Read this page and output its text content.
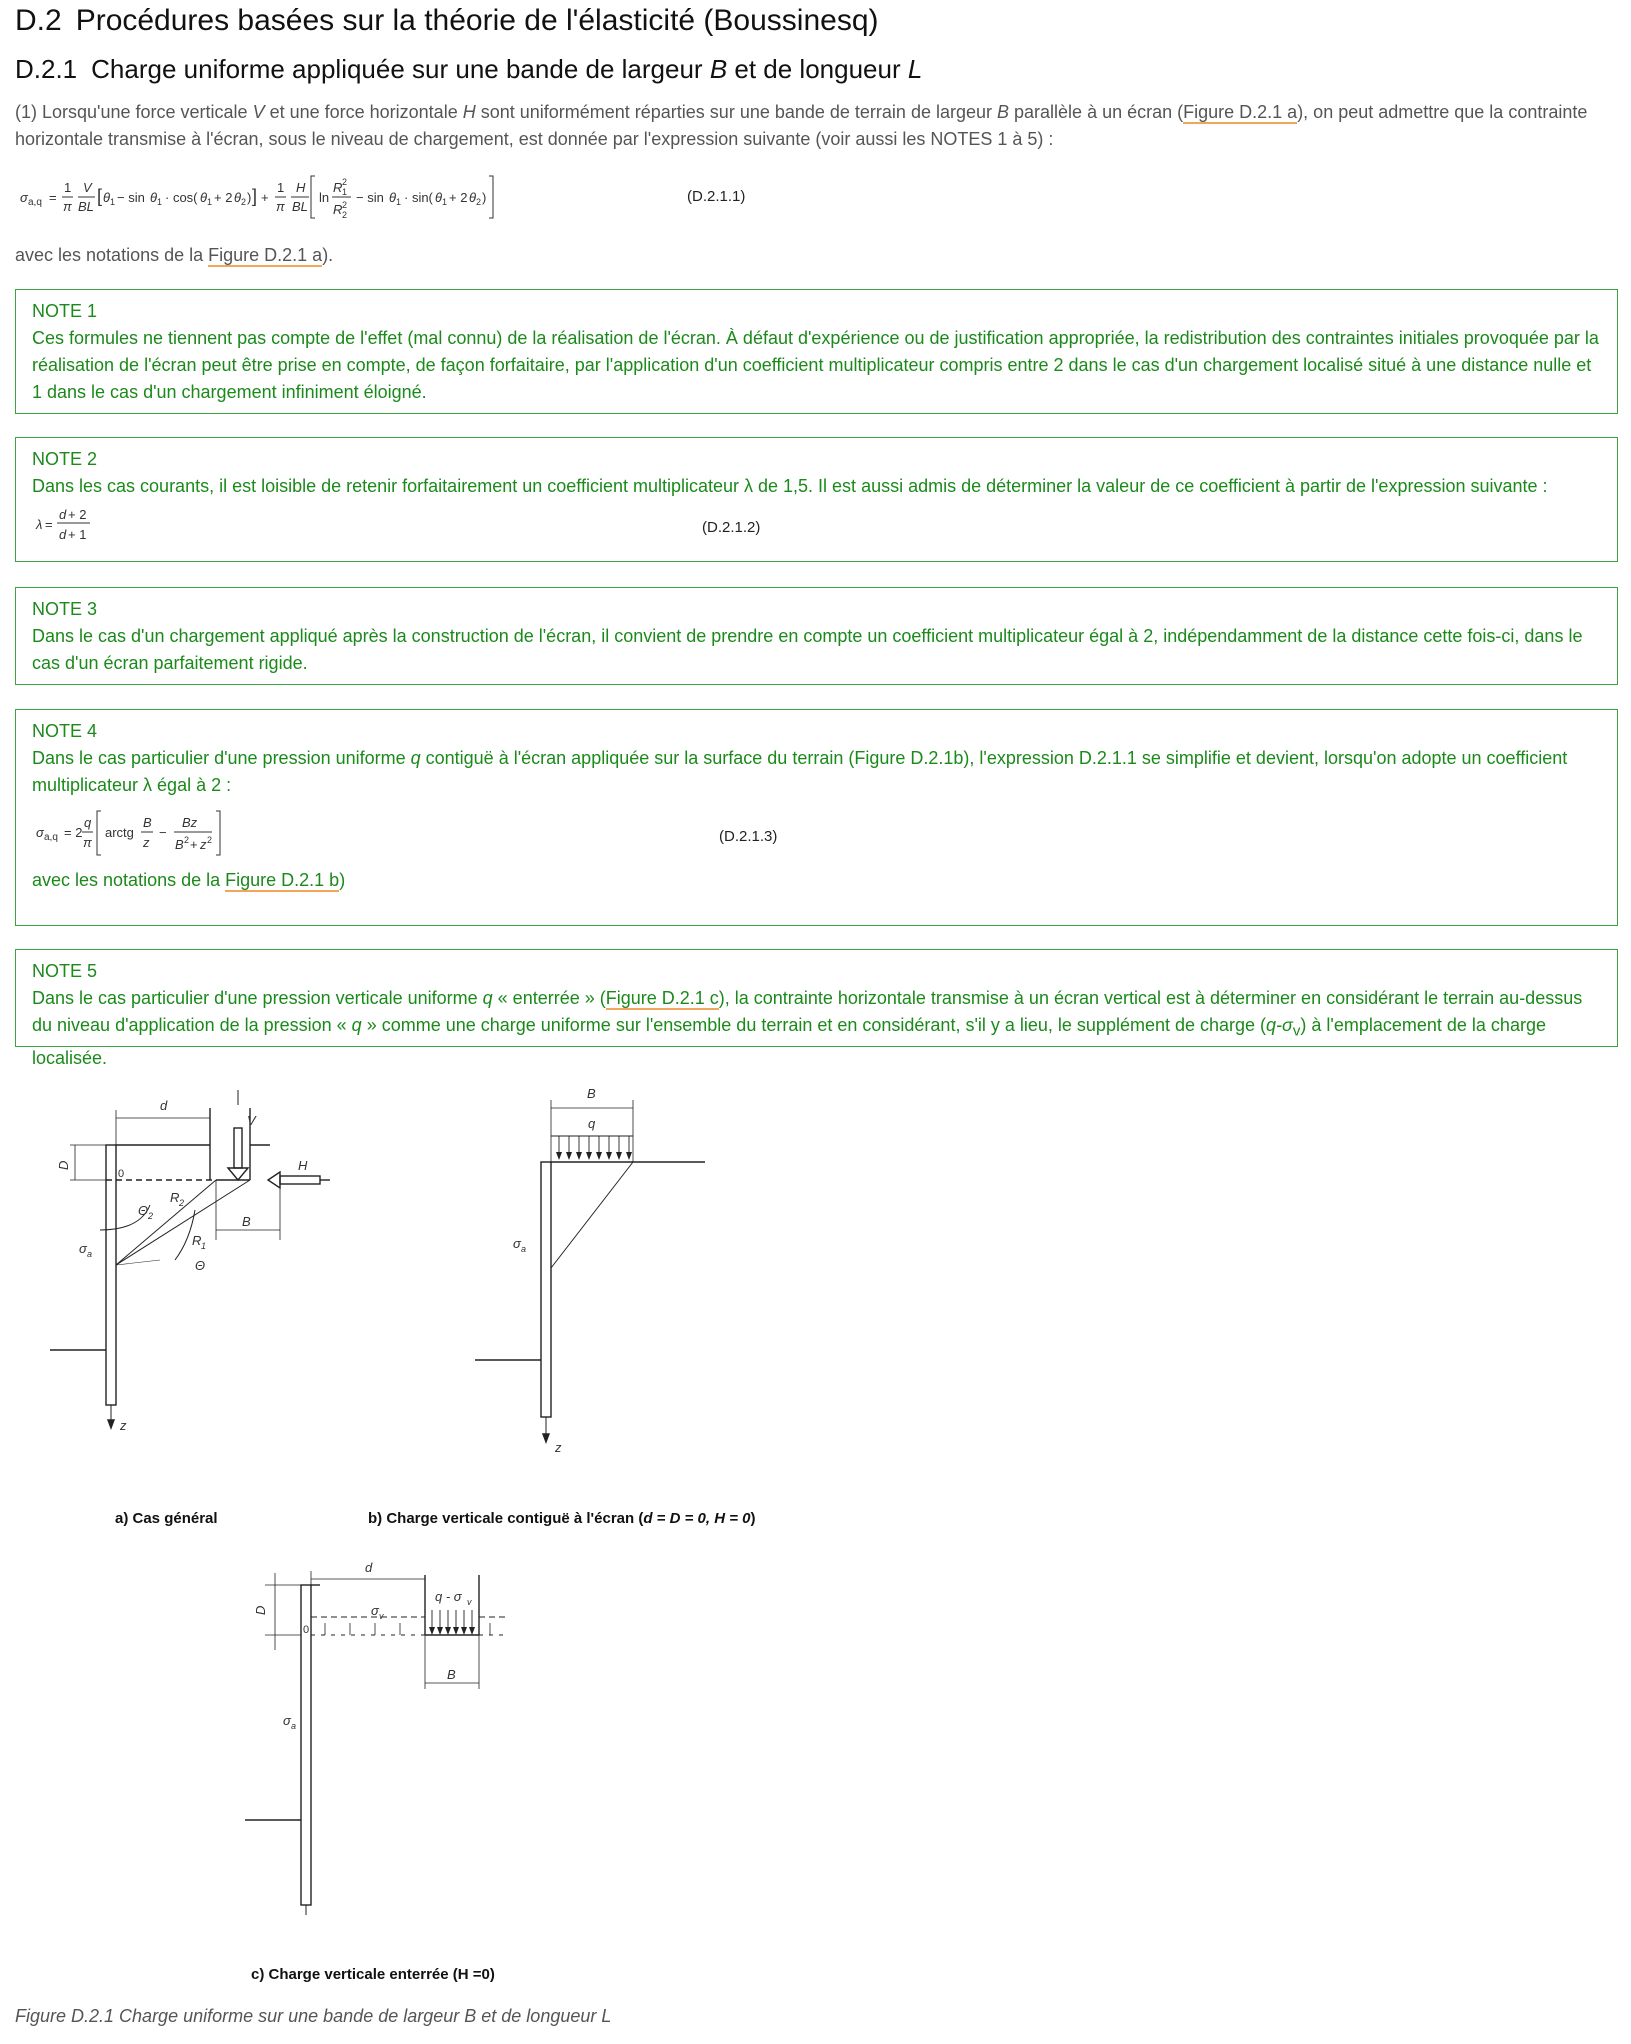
D.2 Procédures basées sur la théorie de l'élasticité (Boussinesq)
D.2.1 Charge uniforme appliquée sur une bande de largeur B et de longueur L
(1) Lorsqu'une force verticale V et une force horizontale H sont uniformément réparties sur une bande de terrain de largeur B parallèle à un écran (Figure D.2.1 a), on peut admettre que la contrainte horizontale transmise à l'écran, sous le niveau de chargement, est donnée par l'expression suivante (voir aussi les NOTES 1 à 5) :
σ a,q =
1
π
V
BL
[ θ 1 − sin θ 1 · cos( θ 1 + 2 θ 2 ) ] +
1
π
H
BL
ln
R 2
1
R 2
2
− sin θ 1 · sin( θ 1 + 2 θ 2 )	(D.2.1.1)
avec les notations de la Figure D.2.1 a).
NOTE 1
Ces formules ne tiennent pas compte de l'effet (mal connu) de la réalisation de l'écran. À défaut d'expérience ou de justification appropriée, la redistribution des contraintes initiales provoquée par la réalisation de l'écran peut être prise en compte, de façon forfaitaire, par l'application d'un coefficient multiplicateur compris entre 2 dans le cas d'un chargement localisé situé à une distance nulle et 1 dans le cas d'un chargement infiniment éloigné.
NOTE 2
Dans les cas courants, il est loisible de retenir forfaitairement un coefficient multiplicateur λ de 1,5. Il est aussi admis de déterminer la valeur de ce coefficient à partir de l'expression suivante :
λ =
d + 2
d + 1	(D.2.1.2)
NOTE 3
Dans le cas d'un chargement appliqué après la construction de l'écran, il convient de prendre en compte un coefficient multiplicateur égal à 2, indépendamment de la distance cette fois-ci, dans le cas d'un écran parfaitement rigide.
NOTE 4
Dans le cas particulier d'une pression uniforme q contiguë à l'écran appliquée sur la surface du terrain (Figure D.2.1b), l'expression D.2.1.1 se simplifie et devient, lorsqu'on adopte un coefficient multiplicateur λ égal à 2 :
σ a,q = 2
q
π
arctg
B
z
−
Bz
B 2 + z 2	(D.2.1.3)
avec les notations de la Figure D.2.1 b)
NOTE 5
Dans le cas particulier d'une pression verticale uniforme q « enterrée » (Figure D.2.1 c), la contrainte horizontale transmise à un écran vertical est à déterminer en considérant le terrain au-dessus du niveau d'application de la pression « q » comme une charge uniforme sur l'ensemble du terrain et en considérant, s'il y a lieu, le supplément de charge $(q-\sigma_v)$ à l'emplacement de la charge localisée.
d
V
H
D
0
R 2
R 1
Θ 2
Θ
B
σ a
z
B
q
σ a
z
a) Cas général	b) Charge verticale contiguë à l'écran (d = D = 0, H = 0)
d
q - σ v
σ v
D
0
B
σ a
c) Charge verticale enterrée (H =0)
Figure D.2.1 Charge uniforme sur une bande de largeur B et de longueur L
